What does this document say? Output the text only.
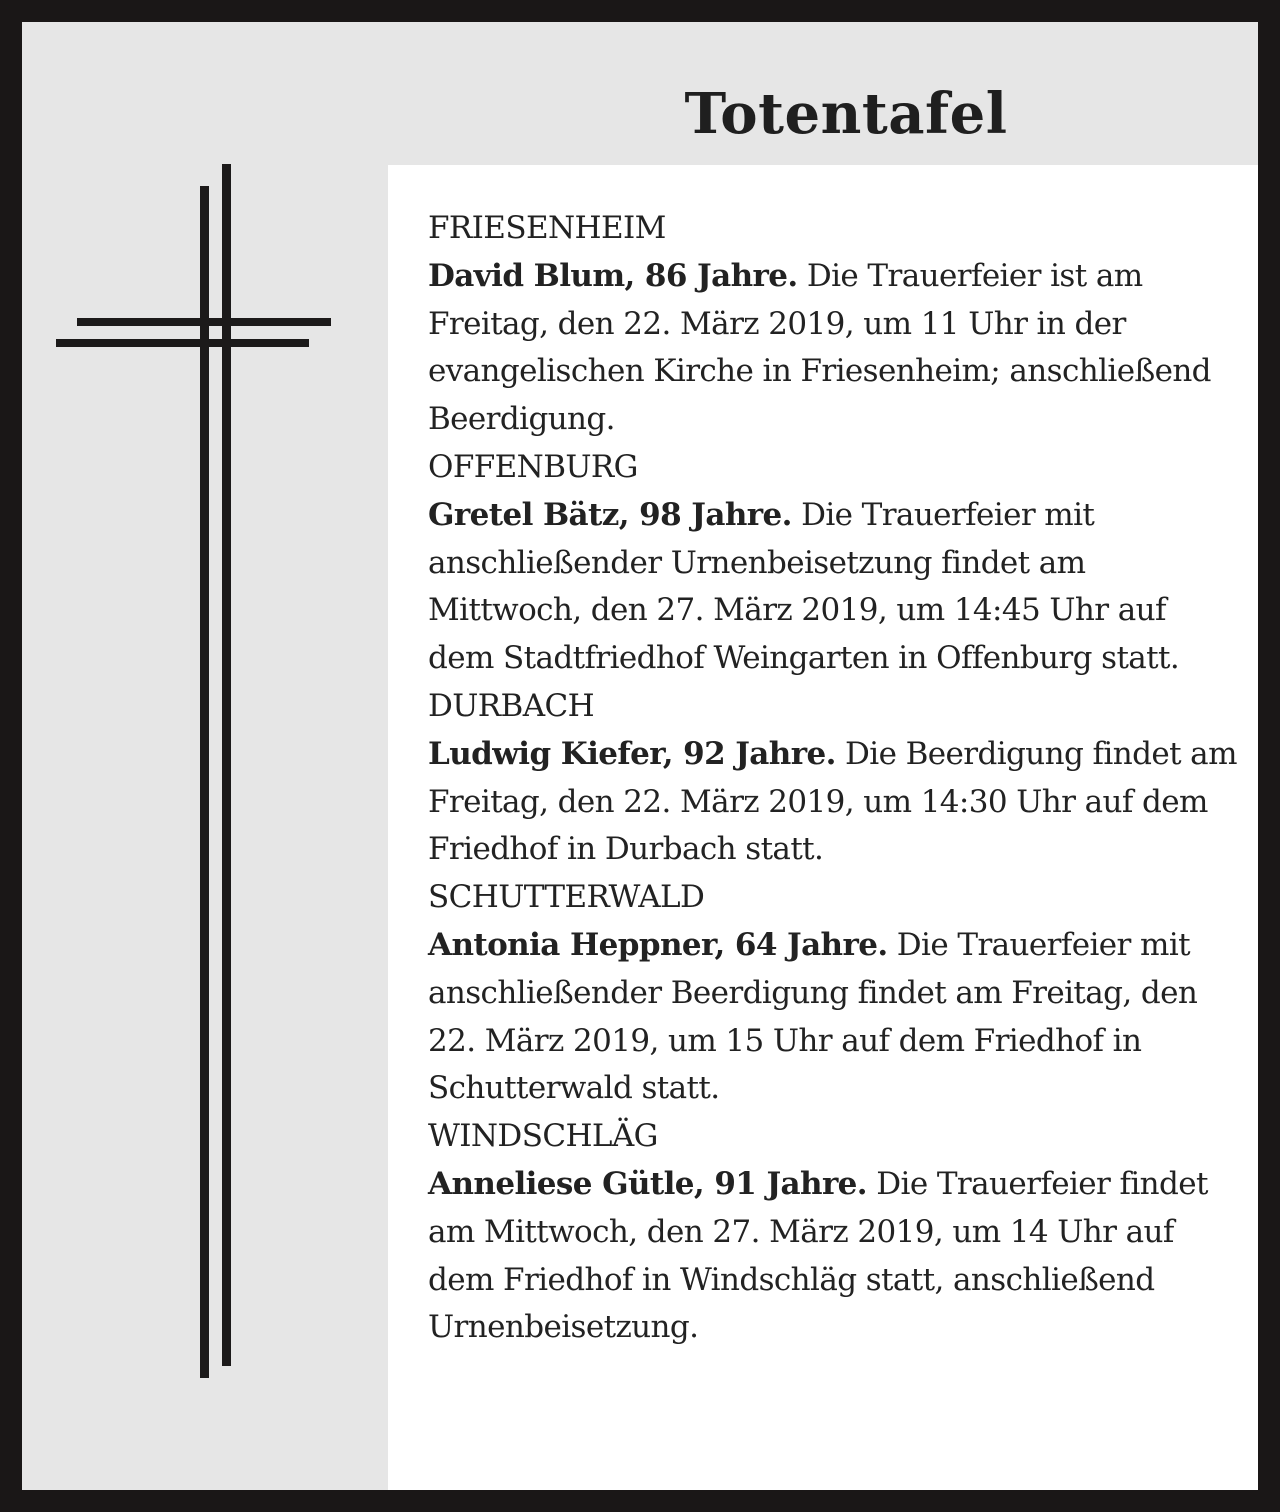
Totentafel
FRIESENHEIM
David Blum, 86 Jahre. Die Trauerfeier ist am Freitag, den 22. März 2019, um 11 Uhr in der evangelischen Kirche in Friesenheim; anschließend Beerdigung.
OFFENBURG
Gretel Bätz, 98 Jahre. Die Trauerfeier mit anschließender Urnenbeisetzung findet am Mittwoch, den 27. März 2019, um 14:45 Uhr auf dem Stadtfriedhof Weingarten in Offenburg statt.
DURBACH
Ludwig Kiefer, 92 Jahre. Die Beerdigung findet am Freitag, den 22. März 2019, um 14:30 Uhr auf dem Friedhof in Durbach statt.
SCHUTTERWALD
Antonia Heppner, 64 Jahre. Die Trauerfeier mit anschließender Beerdigung findet am Freitag, den 22. März 2019, um 15 Uhr auf dem Friedhof in Schutterwald statt.
WINDSCHLÄG
Anneliese Gütle, 91 Jahre. Die Trauerfeier findet am Mittwoch, den 27. März 2019, um 14 Uhr auf dem Friedhof in Windschläg statt, anschließend Urnenbeisetzung.
